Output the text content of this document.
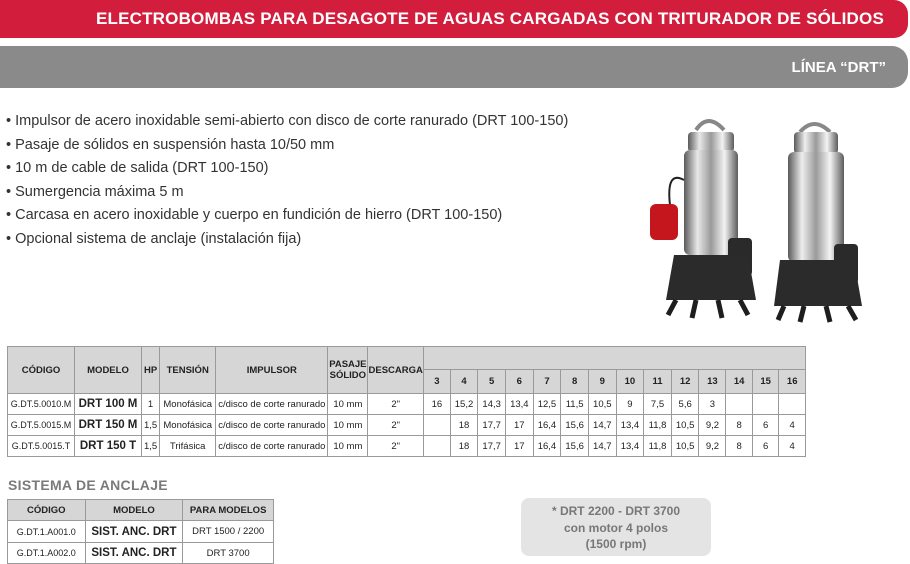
ELECTROBOMBAS PARA DESAGOTE DE AGUAS CARGADAS CON TRITURADOR DE SÓLIDOS
LÍNEA “DRT”
• Impulsor de acero inoxidable semi-abierto con disco de corte ranurado (DRT 100-150)
• Pasaje de sólidos en suspensión hasta 10/50 mm
• 10 m de cable de salida (DRT 100-150)
• Sumergencia máxima 5 m
• Carcasa en acero inoxidable y cuerpo en fundición de hierro (DRT 100-150)
• Opcional sistema de anclaje (instalación fija)
CÓDIGO	MODELO	HP	TENSIÓN	IMPULSOR	PASAJE
SÓLIDO	DESCARGA														
							3	4	5	6	7	8	9	10	11	12	13	14	15	16
G.DT.5.0010.M	DRT 100 M	1	Monofásica	c/disco de corte ranurado	10 mm	2"	16	15,2	14,3	13,4	12,5	11,5	10,5	9	7,5	5,6	3			
G.DT.5.0015.M	DRT 150 M	1,5	Monofásica	c/disco de corte ranurado	10 mm	2"		18	17,7	17	16,4	15,6	14,7	13,4	11,8	10,5	9,2	8	6	4
G.DT.5.0015.T	DRT 150 T	1,5	Trifásica	c/disco de corte ranurado	10 mm	2"		18	17,7	17	16,4	15,6	14,7	13,4	11,8	10,5	9,2	8	6	4
SISTEMA DE ANCLAJE
CÓDIGO	MODELO	PARA MODELOS
G.DT.1.A001.0	SIST. ANC. DRT	DRT 1500 / 2200
G.DT.1.A002.0	SIST. ANC. DRT	DRT 3700
* DRT 2200 - DRT 3700
con motor 4 polos
(1500 rpm)
